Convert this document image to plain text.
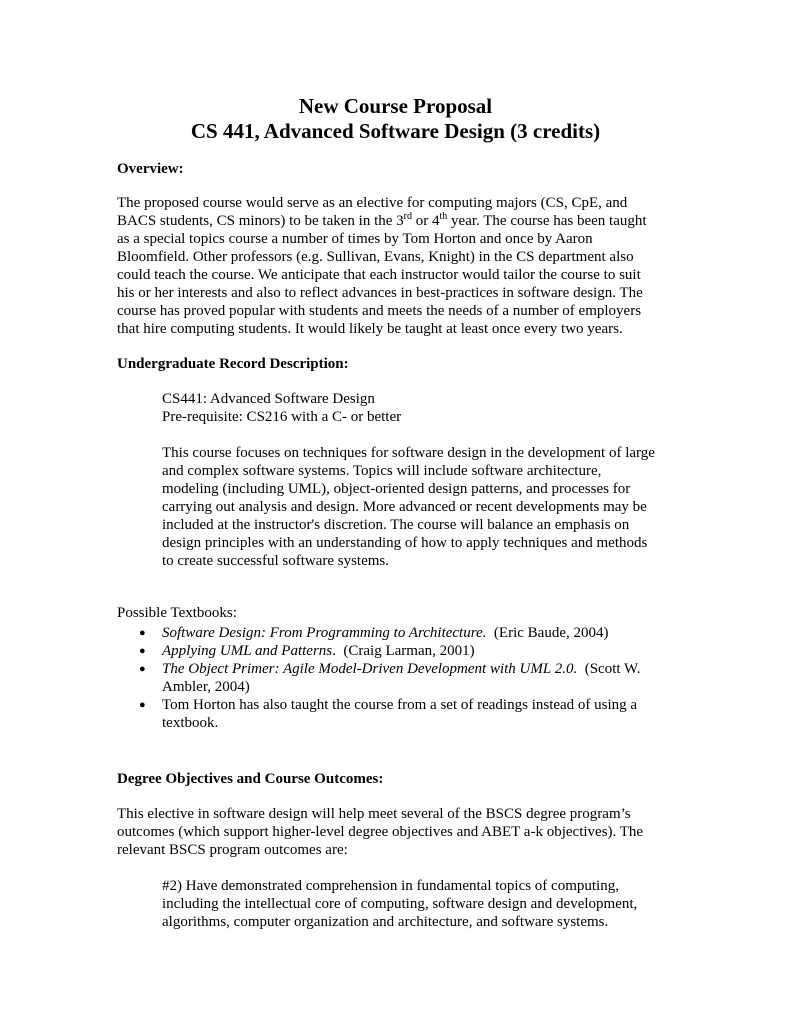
New Course Proposal
CS 441, Advanced Software Design (3 credits)
Overview:
The proposed course would serve as an elective for computing majors (CS, CpE, and
BACS students, CS minors) to be taken in the 3rd or 4th year. The course has been taught
as a special topics course a number of times by Tom Horton and once by Aaron
Bloomfield. Other professors (e.g. Sullivan, Evans, Knight) in the CS department also
could teach the course. We anticipate that each instructor would tailor the course to suit
his or her interests and also to reflect advances in best-practices in software design. The
course has proved popular with students and meets the needs of a number of employers
that hire computing students. It would likely be taught at least once every two years.
Undergraduate Record Description:
CS441: Advanced Software Design
Pre-requisite: CS216 with a C- or better
This course focuses on techniques for software design in the development of large
and complex software systems. Topics will include software architecture,
modeling (including UML), object-oriented design patterns, and processes for
carrying out analysis and design. More advanced or recent developments may be
included at the instructor's discretion. The course will balance an emphasis on
design principles with an understanding of how to apply techniques and methods
to create successful software systems.
Possible Textbooks:
● Software Design: From Programming to Architecture.  (Eric Baude, 2004)
● Applying UML and Patterns.  (Craig Larman, 2001)
● The Object Primer: Agile Model-Driven Development with UML 2.0.  (Scott W.
Ambler, 2004)
● Tom Horton has also taught the course from a set of readings instead of using a
textbook.
Degree Objectives and Course Outcomes:
This elective in software design will help meet several of the BSCS degree program’s
outcomes (which support higher-level degree objectives and ABET a-k objectives). The
relevant BSCS program outcomes are:
#2) Have demonstrated comprehension in fundamental topics of computing,
including the intellectual core of computing, software design and development,
algorithms, computer organization and architecture, and software systems.
